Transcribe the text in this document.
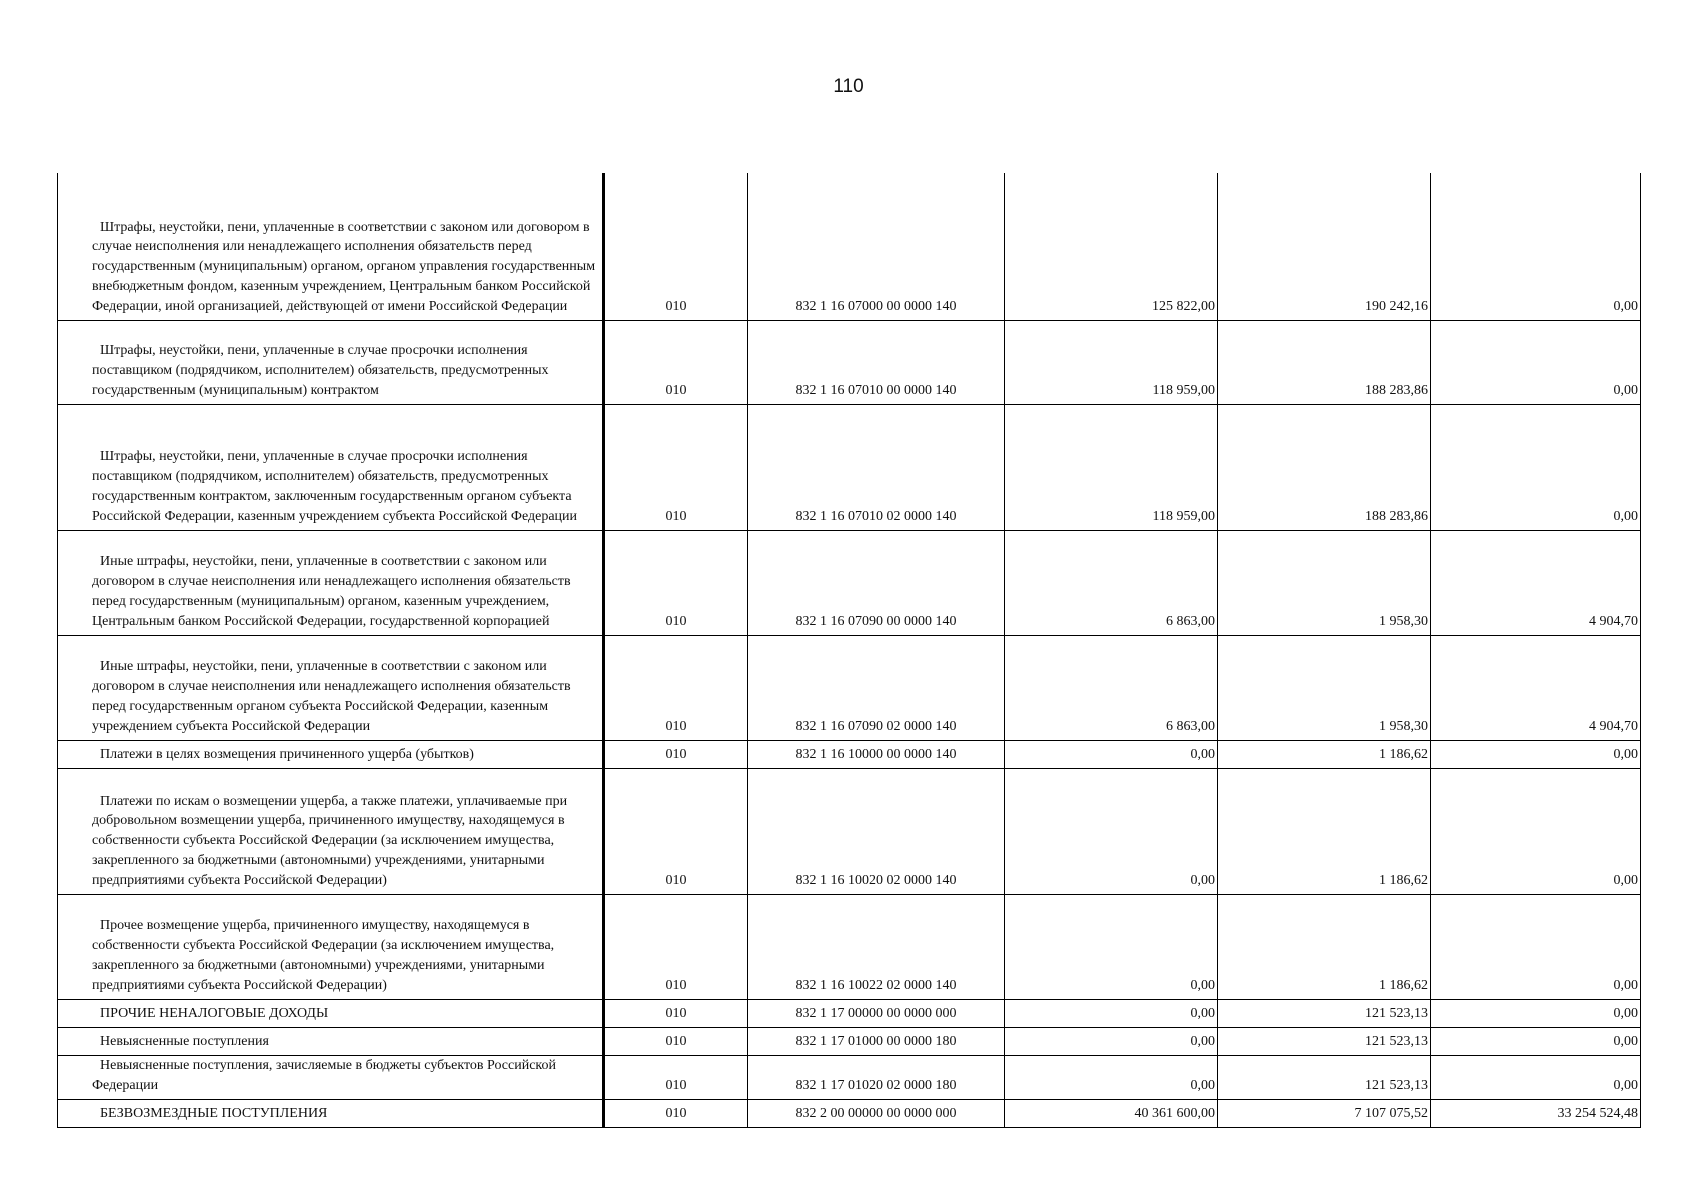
110
Штрафы, неустойки, пени, уплаченные в соответствии с законом или договором в случае неисполнения или ненадлежащего исполнения обязательств перед государственным (муниципальным) органом, органом управления государственным внебюджетным фондом, казенным учреждением, Центральным банком Российской Федерации, иной организацией, действующей от имени Российской Федерации	010	832 1 16 07000 00 0000 140	125 822,00	190 242,16	0,00
Штрафы, неустойки, пени, уплаченные в случае просрочки исполнения поставщиком (подрядчиком, исполнителем) обязательств, предусмотренных государственным (муниципальным) контрактом	010	832 1 16 07010 00 0000 140	118 959,00	188 283,86	0,00
Штрафы, неустойки, пени, уплаченные в случае просрочки исполнения поставщиком (подрядчиком, исполнителем) обязательств, предусмотренных государственным контрактом, заключенным государственным органом субъекта Российской Федерации, казенным учреждением субъекта Российской Федерации	010	832 1 16 07010 02 0000 140	118 959,00	188 283,86	0,00
Иные штрафы, неустойки, пени, уплаченные в соответствии с законом или договором в случае неисполнения или ненадлежащего исполнения обязательств перед государственным (муниципальным) органом, казенным учреждением, Центральным банком Российской Федерации, государственной корпорацией	010	832 1 16 07090 00 0000 140	6 863,00	1 958,30	4 904,70
Иные штрафы, неустойки, пени, уплаченные в соответствии с законом или договором в случае неисполнения или ненадлежащего исполнения обязательств перед государственным органом субъекта Российской Федерации, казенным учреждением субъекта Российской Федерации	010	832 1 16 07090 02 0000 140	6 863,00	1 958,30	4 904,70
Платежи в целях возмещения причиненного ущерба (убытков)	010	832 1 16 10000 00 0000 140	0,00	1 186,62	0,00
Платежи по искам о возмещении ущерба, а также платежи, уплачиваемые при добровольном возмещении ущерба, причиненного имуществу, находящемуся в собственности субъекта Российской Федерации (за исключением имущества, закрепленного за бюджетными (автономными) учреждениями, унитарными предприятиями субъекта Российской Федерации)	010	832 1 16 10020 02 0000 140	0,00	1 186,62	0,00
Прочее возмещение ущерба, причиненного имуществу, находящемуся в собственности субъекта Российской Федерации (за исключением имущества, закрепленного за бюджетными (автономными) учреждениями, унитарными предприятиями субъекта Российской Федерации)	010	832 1 16 10022 02 0000 140	0,00	1 186,62	0,00
ПРОЧИЕ НЕНАЛОГОВЫЕ ДОХОДЫ	010	832 1 17 00000 00 0000 000	0,00	121 523,13	0,00
Невыясненные поступления	010	832 1 17 01000 00 0000 180	0,00	121 523,13	0,00
Невыясненные поступления, зачисляемые в бюджеты субъектов Российской Федерации	010	832 1 17 01020 02 0000 180	0,00	121 523,13	0,00
БЕЗВОЗМЕЗДНЫЕ ПОСТУПЛЕНИЯ	010	832 2 00 00000 00 0000 000	40 361 600,00	7 107 075,52	33 254 524,48
